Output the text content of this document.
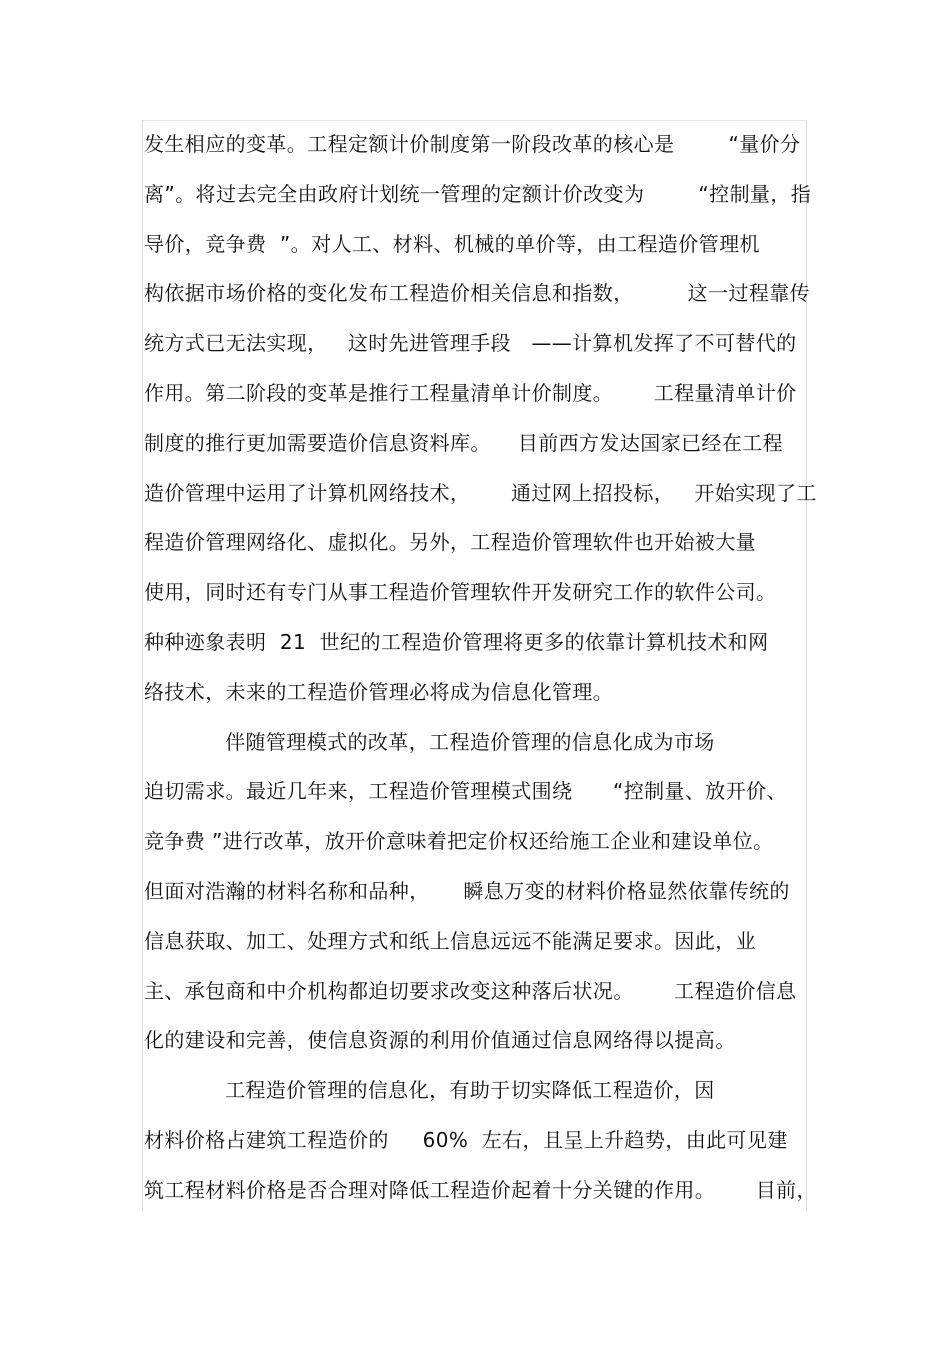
发生相应的变革。工程定额计价制度第一阶段改革的核心是        “量价分
离”。将过去完全由政府计划统一管理的定额计价改变为        “控制量，指
导价，竞争费  ”。对人工、材料、机械的单价等，由工程造价管理机
构依据市场价格的变化发布工程造价相关信息和指数，        这一过程靠传
统方式已无法实现，   这时先进管理手段   ——计算机发挥了不可替代的
作用。第二阶段的变革是推行工程量清单计价制度。      工程量清单计价
制度的推行更加需要造价信息资料库。    目前西方发达国家已经在工程
造价管理中运用了计算机网络技术，      通过网上招投标，   开始实现了工
程造价管理网络化、虚拟化。另外，工程造价管理软件也开始被大量
使用，同时还有专门从事工程造价管理软件开发研究工作的软件公司。
种种迹象表明  21  世纪的工程造价管理将更多的依靠计算机技术和网
络技术，未来的工程造价管理必将成为信息化管理。
伴随管理模式的改革，工程造价管理的信息化成为市场
迫切需求。最近几年来，工程造价管理模式围绕      “控制量、放开价、
竞争费 ”进行改革，放开价意味着把定价权还给施工企业和建设单位。
但面对浩瀚的材料名称和品种，     瞬息万变的材料价格显然依靠传统的
信息获取、加工、处理方式和纸上信息远远不能满足要求。因此，业
主、承包商和中介机构都迫切要求改变这种落后状况。      工程造价信息
化的建设和完善，使信息资源的利用价值通过信息网络得以提高。
工程造价管理的信息化，有助于切实降低工程造价，因
材料价格占建筑工程造价的     60%  左右，且呈上升趋势，由此可见建
筑工程材料价格是否合理对降低工程造价起着十分关键的作用。      目前，
